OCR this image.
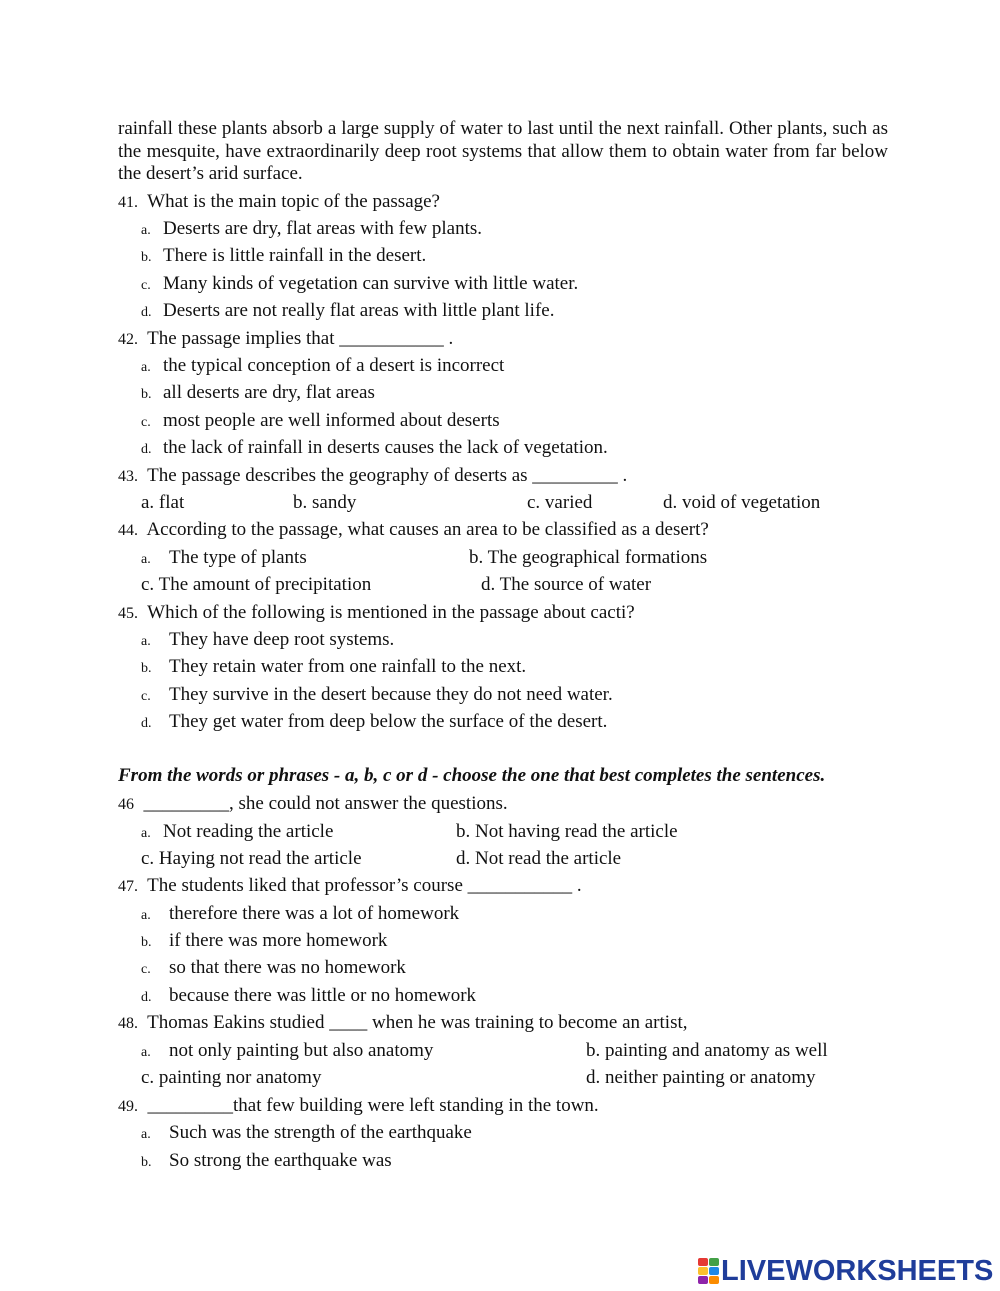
rainfall these plants absorb a large supply of water to last until the next rainfall. Other plants, such as the mesquite, have extraordinarily deep root systems that allow them to obtain water from far below the desert’s arid surface.
41. What is the main topic of the passage?
a. Deserts are dry, flat areas with few plants.
b. There is little rainfall in the desert.
c. Many kinds of vegetation can survive with little water.
d. Deserts are not really flat areas with little plant life.
42. The passage implies that ___________ .
a. the typical conception of a desert is incorrect
b. all deserts are dry, flat areas
c. most people are well informed about deserts
d. the lack of rainfall in deserts causes the lack of vegetation.
43. The passage describes the geography of deserts as _________ .
a. flat	b. sandy	c. varied	d. void of vegetation
44. According to the passage, what causes an area to be classified as a desert?
a. The type of plants	b. The geographical formations
c. The amount of precipitation	d. The source of water
45. Which of the following is mentioned in the passage about cacti?
a. They have deep root systems.
b. They retain water from one rainfall to the next.
c. They survive in the desert because they do not need water.
d. They get water from deep below the surface of the desert.
From the words or phrases - a, b, c or d - choose the one that best completes the sentences.
46 _________, she could not answer the questions.
a. Not reading the article	b. Not having read the article
c. Haying not read the article	d. Not read the article
47. The students liked that professor’s course ___________ .
a. therefore there was a lot of homework
b. if there was more homework
c. so that there was no homework
d. because there was little or no homework
48. Thomas Eakins studied ____ when he was training to become an artist,
a. not only painting but also anatomy	b. painting and anatomy as well
c. painting nor anatomy	d. neither painting or anatomy
49. _________that few building were left standing in the town.
a. Such was the strength of the earthquake
b. So strong the earthquake was
LIVEWORKSHEETS
